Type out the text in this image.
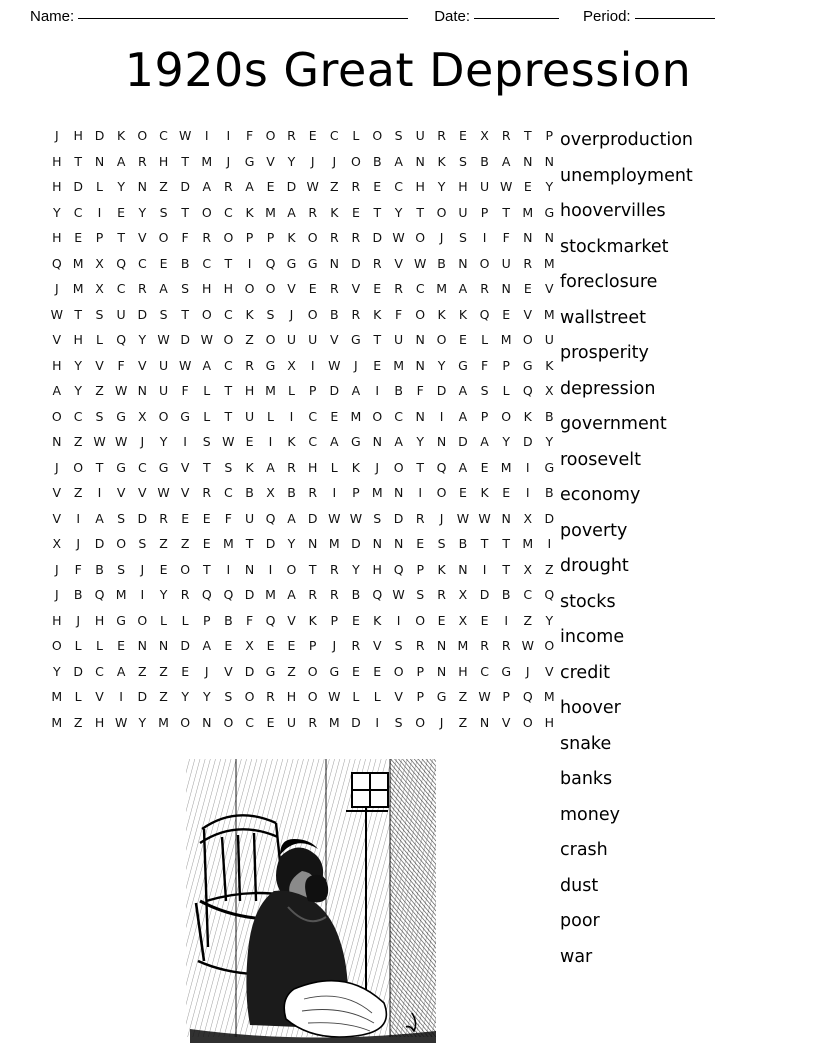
Name:	Date:	Period:
1920s Great Depression
J	H	D	K	O	C	W	I	I	F	O	R	E	C	L	O	S	U	R	E	X	R	T	P
H	T	N	A	R	H	T	M	J	G	V	Y	J	J	O	B	A	N	K	S	B	A	N	N
H	D	L	Y	N	Z	D	A	R	A	E	D	W	Z	R	E	C	H	Y	H	U	W	E	Y
Y	C	I	E	Y	S	T	O	C	K	M	A	R	K	E	T	Y	T	O	U	P	T	M	G
H	E	P	T	V	O	F	R	O	P	P	K	O	R	R	D	W	O	J	S	I	F	N	N
Q	M	X	Q	C	E	B	C	T	I	Q	G	G	N	D	R	V	W	B	N	O	U	R	M
J	M	X	C	R	A	S	H	H	O	O	V	E	R	V	E	R	C	M	A	R	N	E	V
W	T	S	U	D	S	T	O	C	K	S	J	O	B	R	K	F	O	K	K	Q	E	V	M
V	H	L	Q	Y	W	D	W	O	Z	O	U	U	V	G	T	U	N	O	E	L	M	O	U
H	Y	V	F	V	U	W	A	C	R	G	X	I	W	J	E	M	N	Y	G	F	P	G	K
A	Y	Z	W	N	U	F	L	T	H	M	L	P	D	A	I	B	F	D	A	S	L	Q	X
O	C	S	G	X	O	G	L	T	U	L	I	C	E	M	O	C	N	I	A	P	O	K	B
N	Z	W	W	J	Y	I	S	W	E	I	K	C	A	G	N	A	Y	N	D	A	Y	D	Y
J	O	T	G	C	G	V	T	S	K	A	R	H	L	K	J	O	T	Q	A	E	M	I	G
V	Z	I	V	V	W	V	R	C	B	X	B	R	I	P	M	N	I	O	E	K	E	I	B
V	I	A	S	D	R	E	E	F	U	Q	A	D	W	W	S	D	R	J	W	W	N	X	D
X	J	D	O	S	Z	Z	E	M	T	D	Y	N	M	D	N	N	E	S	B	T	T	M	I
J	F	B	S	J	E	O	T	I	N	I	O	T	R	Y	H	Q	P	K	N	I	T	X	Z
J	B	Q	M	I	Y	R	Q	Q	D	M	A	R	R	B	Q	W	S	R	X	D	B	C	Q
H	J	H	G	O	L	L	P	B	F	Q	V	K	P	E	K	I	O	E	X	E	I	Z	Y
O	L	L	E	N	N	D	A	E	X	E	E	P	J	R	V	S	R	N	M	R	R	W	O
Y	D	C	A	Z	Z	E	J	V	D	G	Z	O	G	E	E	O	P	N	H	C	G	J	V
M	L	V	I	D	Z	Y	Y	S	O	R	H	O	W	L	L	V	P	G	Z	W	P	Q	M
M	Z	H	W	Y	M	O	N	O	C	E	U	R	M	D	I	S	O	J	Z	N	V	O	H
overproduction
unemployment
hoovervilles
stockmarket
foreclosure
wallstreet
prosperity
depression
government
roosevelt
economy
poverty
drought
stocks
income
credit
hoover
snake
banks
money
crash
dust
poor
war
